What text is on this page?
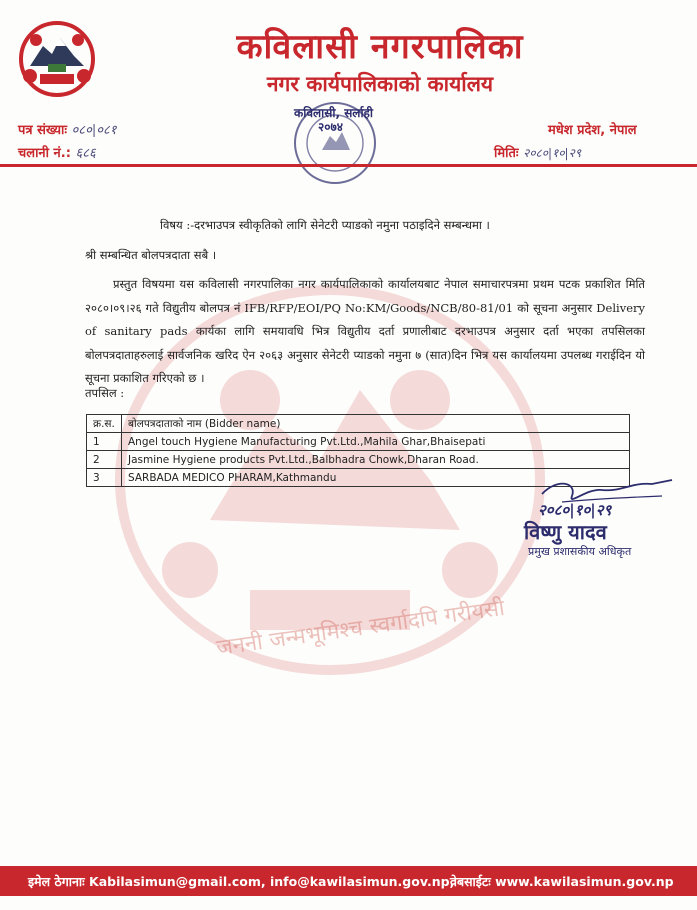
जननी जन्मभूमिश्च स्वर्गादपि गरीयसी
कविलासी नगरपालिका
नगर कार्यपालिकाको कार्यालय
पत्र संख्याः ०८०|०८१
चलानी नं.: ६८६
मधेश प्रदेश, नेपाल
मितिः २०८०|१०|२९
कविलासी, सर्लाही
२०७४
विषय :-दरभाउपत्र स्वीकृतिको लागि सेनेटरी प्याडको नमुना पठाइदिने सम्बन्धमा ।
श्री सम्बन्धित बोलपत्रदाता सबै ।
प्रस्तुत विषयमा यस कविलासी नगरपालिका नगर कार्यपालिकाको कार्यालयबाट नेपाल समाचारपत्रमा प्रथम पटक प्रकाशित मिति २०८०।०९।२६ गते विद्युतीय बोलपत्र नं IFB/RFP/EOI/PQ No:KM/Goods/NCB/80-81/01 को सूचना अनुसार Delivery of sanitary pads कार्यका लागि समयावधि भित्र विद्युतीय दर्ता प्रणालीबाट दरभाउपत्र अनुसार दर्ता भएका तपसिलका बोलपत्रदाताहरुलाई सार्वजनिक खरिद ऐन २०६३ अनुसार सेनेटरी प्याडको नमुना ७ (सात)दिन भित्र यस कार्यालयमा उपलब्ध गराईदिन यो सूचना प्रकाशित गरिएको छ ।
तपसिल :
क्र.स.	बोलपत्रदाताको नाम (Bidder name)
1	Angel touch Hygiene Manufacturing Pvt.Ltd.,Mahila Ghar,Bhaisepati
2	Jasmine Hygiene products Pvt.Ltd.,Balbhadra Chowk,Dharan Road.
3	SARBADA MEDICO PHARAM,Kathmandu
२०८०|१०|२९
विष्णु यादव
प्रमुख प्रशासकीय अधिकृत
इमेल ठेगानाः Kabilasimun@gmail.com, info@kawilasimun.gov.np,
वेबसाईटः www.kawilasimun.gov.np
